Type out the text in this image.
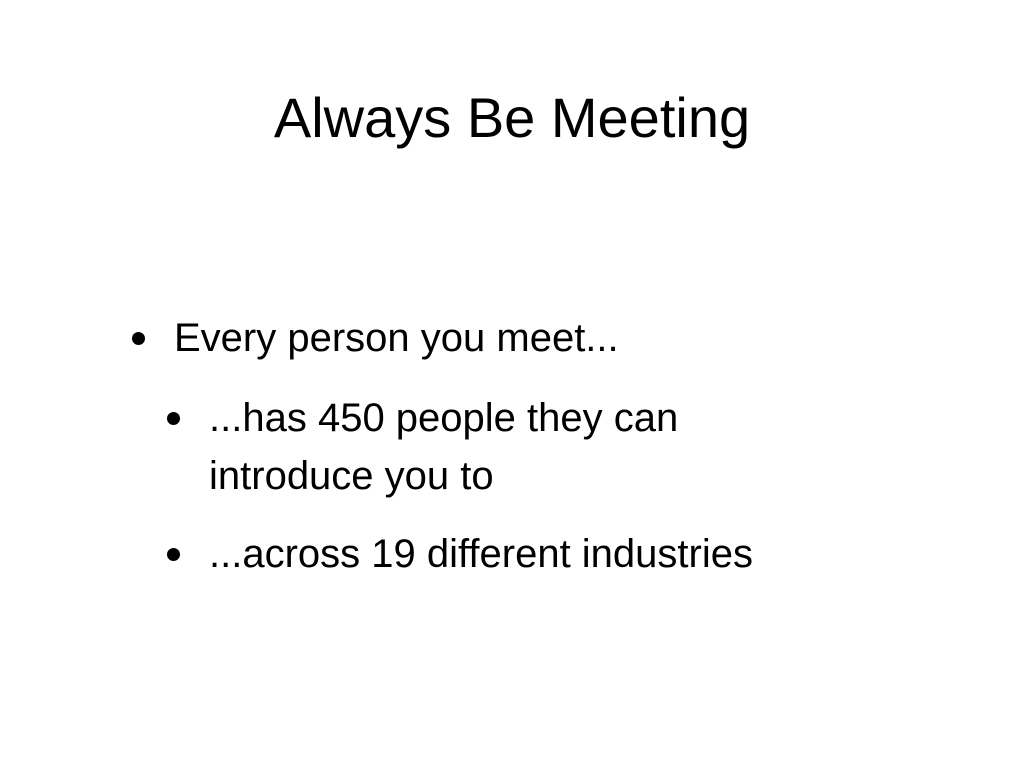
Always Be Meeting
Every person you meet...
...has 450 people they can introduce you to
...across 19 different industries
